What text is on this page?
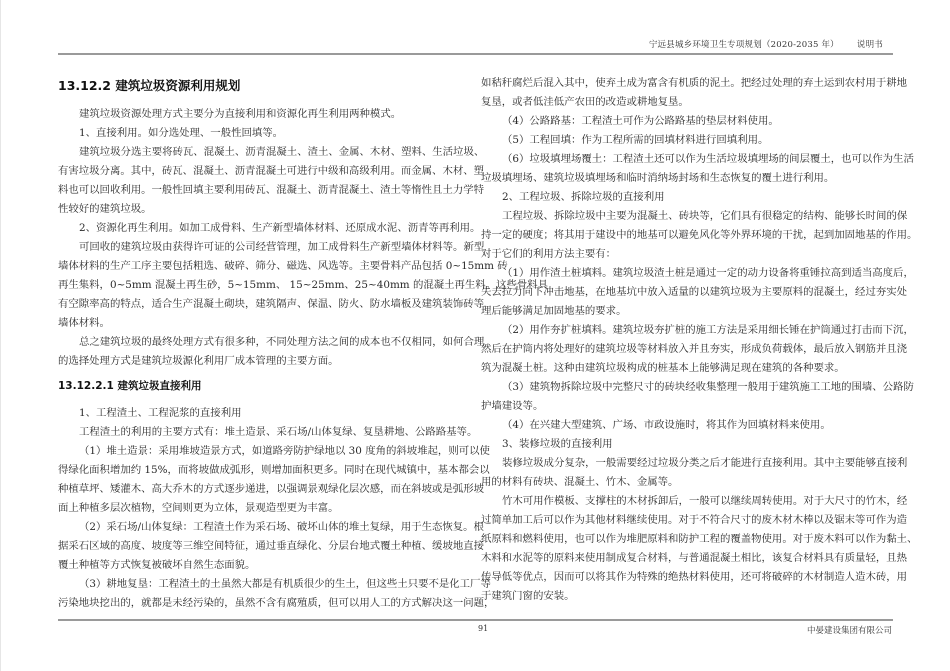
宁远县城乡环境卫生专项规划（2020-2035 年） 说明书
13.12.2 建筑垃圾资源利用规划
建筑垃圾资源处理方式主要分为直接利用和资源化再生利用两种模式。
1、直接利用。如分选处理、一般性回填等。
建筑垃圾分选主要将砖瓦、混凝土、沥青混凝土、渣土、金属、木材、塑料、生活垃圾、
有害垃圾分离。其中，砖瓦、混凝土、沥青混凝土可进行中级和高级利用。而金属、木材、塑
料也可以回收利用。一般性回填主要利用砖瓦、混凝土、沥青混凝土、渣土等惰性且土力学特
性较好的建筑垃圾。
2、资源化再生利用。如加工成骨料、生产新型墙体材料、还原成水泥、沥青等再利用。
可回收的建筑垃圾由获得许可证的公司经营管理，加工成骨料生产新型墙体材料等。新型
墙体材料的生产工序主要包括粗选、破碎、筛分、磁选、风选等。主要骨料产品包括 0~15mm 砖
再生集料，0~5mm 混凝土再生砂，5~15mm、 15~25mm、25~40mm 的混凝土再生料。这些骨料具
有空隙率高的特点，适合生产混凝土砌块，建筑隔声、保温、防火、防水墙板及建筑装饰砖等
墙体材料。
总之建筑垃圾的最终处理方式有很多种，不同处理方法之间的成本也不仅相同，如何合理
的选择处理方式是建筑垃圾源化利用厂成本管理的主要方面。
13.12.2.1 建筑垃圾直接利用
1、工程渣土、工程泥浆的直接利用
工程渣土的利用的主要方式有：堆土造景、采石场/山体复绿、复垦耕地、公路路基等。
（1）堆土造景：采用堆坡造景方式，如道路旁防护绿地以 30 度角的斜坡堆起，则可以使
得绿化面积增加约 15%，而将坡做成弧形，则增加面积更多。同时在现代城镇中，基本都会以
种植草坪、矮灌木、高大乔木的方式逐步递进，以强调景观绿化层次感，而在斜坡或是弧形坡
面上种植多层次植物，空间则更为立体，景观造型更为丰富。
（2）采石场/山体复绿：工程渣土作为采石场、破坏山体的堆土复绿，用于生态恢复。根
据采石区域的高度、坡度等三维空间特征，通过垂直绿化、分层台地式覆土种植、缓坡地直接
覆土种植等方式恢复被破坏自然生态面貌。
（3）耕地复垦：工程渣土的土虽然大都是有机质很少的生土，但这些土只要不是化工厂等
污染地块挖出的，就都是未经污染的，虽然不含有腐殖质，但可以用人工的方式解决这一问题，
如秸秆腐烂后混入其中，使弃土成为富含有机质的泥土。把经过处理的弃土运到农村用于耕地
复垦，或者低洼低产农田的改造或耕地复垦。
（4）公路路基：工程渣土可作为公路路基的垫层材料使用。
（5）工程回填：作为工程所需的回填材料进行回填利用。
（6）垃圾填埋场覆土：工程渣土还可以作为生活垃圾填埋场的间层覆土，也可以作为生活
垃圾填埋场、建筑垃圾填埋场和临时消纳场封场和生态恢复的覆土进行利用。
2、工程垃圾、拆除垃圾的直接利用
工程垃圾、拆除垃圾中主要为混凝土、砖块等，它们具有很稳定的结构、能够长时间的保
持一定的硬度；将其用于建设中的地基可以避免风化等外界环境的干扰，起到加固地基的作用。
对于它们的利用方法主要有：
（1）用作渣土桩填料。建筑垃圾渣土桩是通过一定的动力设备将重锤拉高到适当高度后，
失去拉力向下冲击地基，在地基坑中放入适量的以建筑垃圾为主要原料的混凝土，经过夯实处
理后能够满足加固地基的要求。
（2）用作夯扩桩填料。建筑垃圾夯扩桩的施工方法是采用细长锤在护筒通过打击而下沉，
然后在护筒内将处理好的建筑垃圾等材料放入并且夯实，形成负荷载体，最后放入钢筋并且浇
筑为混凝土桩。这种由建筑垃圾构成的桩基本上能够满足现在建筑的各种要求。
（3）建筑物拆除垃圾中完整尺寸的砖块经收集整理一般用于建筑施工工地的围墙、公路防
护墙建设等。
（4）在兴建大型建筑、广场、市政设施时，将其作为回填材料来使用。
3、装修垃圾的直接利用
装修垃圾成分复杂，一般需要经过垃圾分类之后才能进行直接利用。其中主要能够直接利
用的材料有砖块、混凝土、竹木、金属等。
竹木可用作模板、支撑柱的木材拆卸后，一般可以继续周转使用。对于大尺寸的竹木，经
过简单加工后可以作为其他材料继续使用。对于不符合尺寸的废木材木棒以及锯末等可作为造
纸原料和燃料使用，也可以作为堆肥原料和防护工程的覆盖物使用。对于废木料可以作为黏土、
木料和水泥等的原料来使用制成复合材料，与普通混凝土相比，该复合材料具有质量轻，且热
传导低等优点，因而可以将其作为特殊的绝热材料使用，还可将破碎的木材制造人造木砖，用
于建筑门窗的安装。
91	中晏建设集团有限公司
